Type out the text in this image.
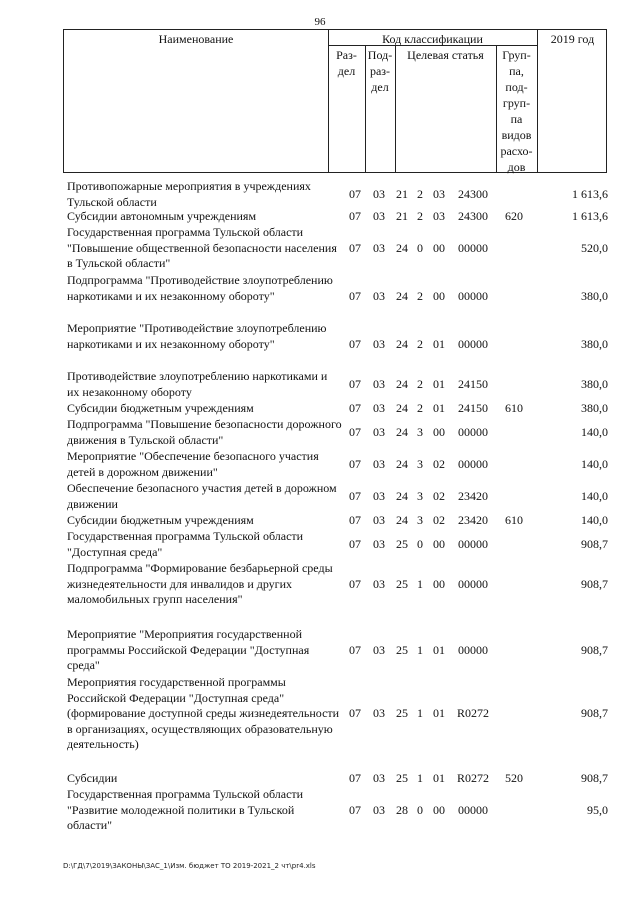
96
Наименование	Код классификации	2019 год
Раз-
дел
Под-
раз-
дел
Целевая статья	Груп-
па,
под-
груп-
па
видов
расхо-
дов
Противопожарные мероприятия в учреждениях Тульской области
07 03 21 2 03	24300	1 613,6
Субсидии автономным учреждениям	07 03 21 2 03	24300	620	1 613,6
Государственная программа Тульской области "Повышение общественной безопасности населения в Тульской области"
07 03 24 0 00	00000	520,0
Подпрограмма "Противодействие злоупотреблению наркотиками и их незаконному обороту"	07 03 24 2 00	00000	380,0
Мероприятие "Противодействие злоупотреблению наркотиками и их незаконному обороту"	07 03 24 2 01	00000	380,0
Противодействие злоупотреблению наркотиками и их незаконному обороту
07 03 24 2 01	24150	380,0
Субсидии бюджетным учреждениям	07 03 24 2 01	24150	610	380,0
Подпрограмма "Повышение безопасности дорожного движения в Тульской области"
07 03 24 3 00	00000	140,0
Мероприятие "Обеспечение безопасного участия детей в дорожном движении"
07 03 24 3 02	00000	140,0
Обеспечение безопасного участия детей в дорожном движении
07 03 24 3 02	23420	140,0
Субсидии бюджетным учреждениям	07 03 24 3 02	23420	610	140,0
Государственная программа Тульской области "Доступная среда"
07 03 25 0 00	00000	908,7
Подпрограмма "Формирование безбарьерной среды жизнедеятельности для инвалидов и других маломобильных групп населения"
07 03 25 1 00	00000	908,7
Мероприятие "Мероприятия государственной программы Российской Федерации "Доступная среда"
07 03 25 1 01	00000	908,7
Мероприятия государственной программы Российской Федерации "Доступная среда" (формирование доступной среды жизнедеятельности в организациях, осуществляющих образовательную деятельность)
07 03 25 1 01 R0272	908,7
Субсидии	07 03 25 1 01 R0272	520	908,7
Государственная программа Тульской области "Развитие молодежной политики в Тульской области"
07 03 28 0 00	00000	95,0
D:\ГД\7\2019\ЗАКОНЫ\ЗАС_1\Изм. бюджет ТО 2019-2021_2 чт\pr4.xls
